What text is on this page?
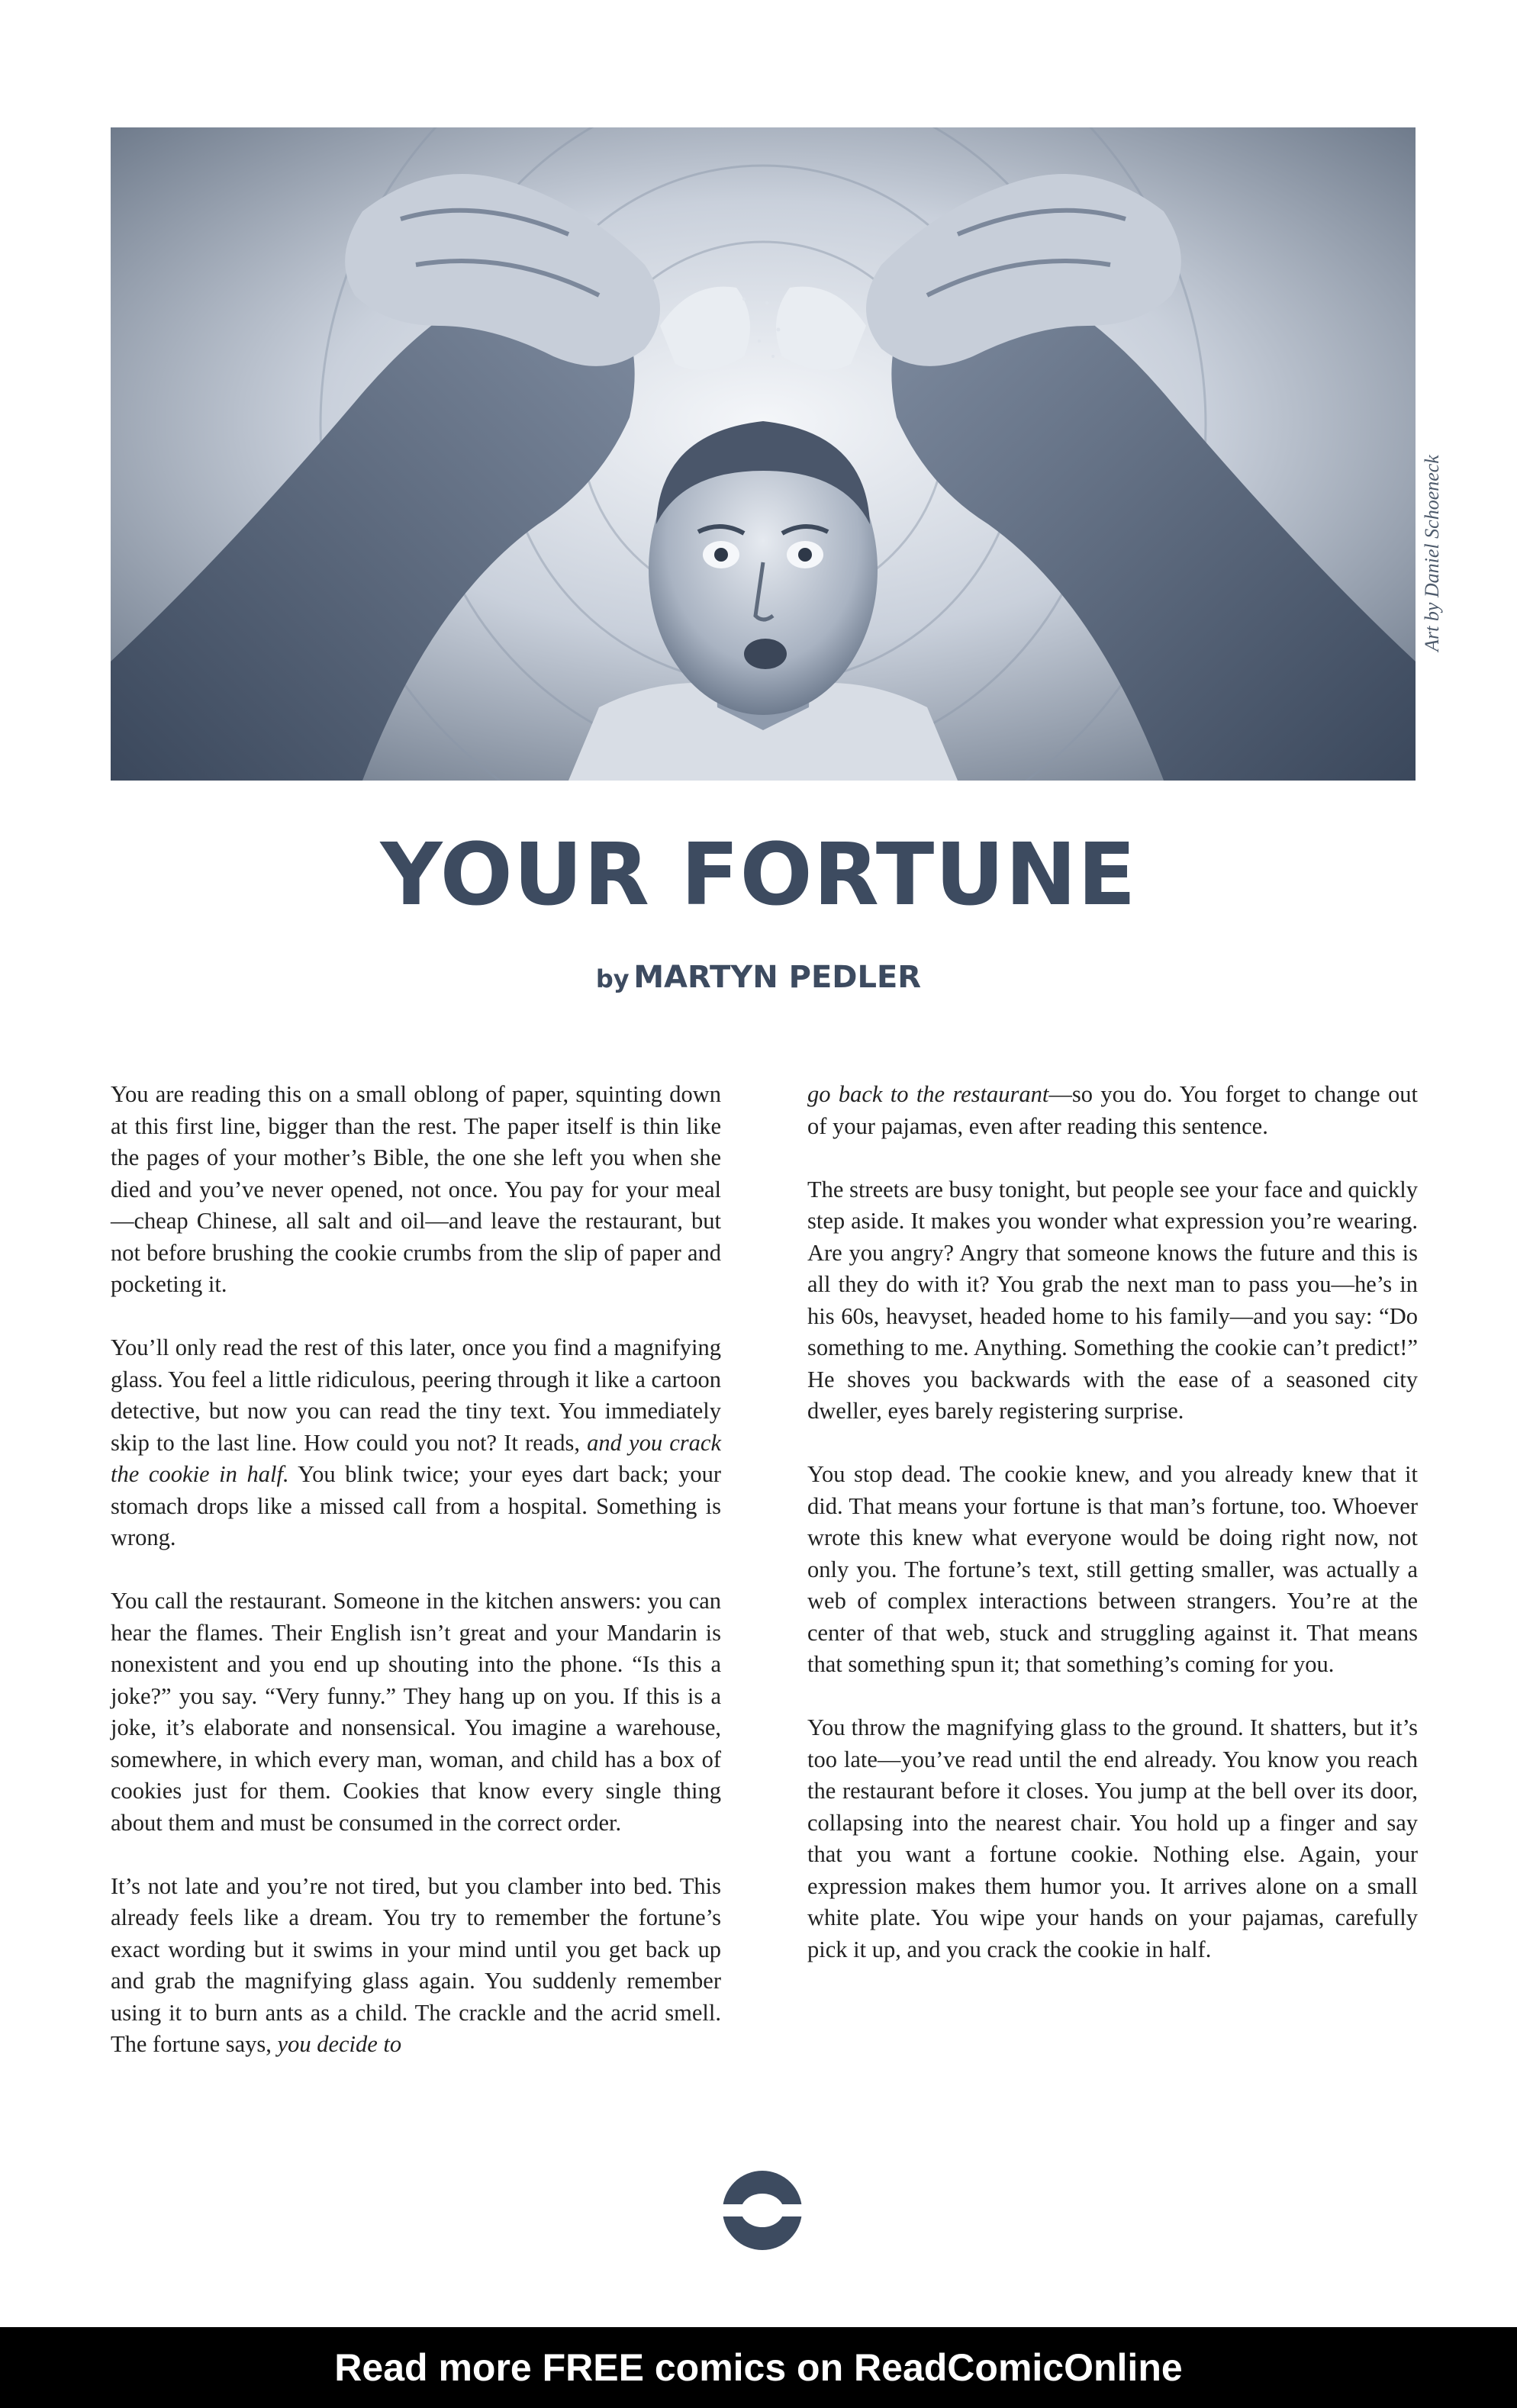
Art by Daniel Schoeneck
YOUR FORTUNE
by MARTYN PEDLER

You are reading this on a small oblong of paper, squinting down at this first line, bigger than the rest. The paper itself is thin like the pages of your mother’s Bible, the one she left you when she died and you’ve never opened, not once. You pay for your meal—cheap Chinese, all salt and oil—and leave the restaurant, but not before brushing the cookie crumbs from the slip of paper and pocketing it.

You’ll only read the rest of this later, once you find a magnifying glass. You feel a little ridiculous, peering through it like a cartoon detective, but now you can read the tiny text. You immediately skip to the last line. How could you not? It reads, and you crack the cookie in half. You blink twice; your eyes dart back; your stomach drops like a missed call from a hospital. Something is wrong.

You call the restaurant. Someone in the kitchen answers: you can hear the flames. Their English isn’t great and your Mandarin is nonexistent and you end up shouting into the phone. “Is this a joke?” you say. “Very funny.” They hang up on you. If this is a joke, it’s elaborate and nonsensical. You imagine a warehouse, somewhere, in which every man, woman, and child has a box of cookies just for them. Cookies that know every single thing about them and must be consumed in the correct order.

It’s not late and you’re not tired, but you clamber into bed. This already feels like a dream. You try to remember the fortune’s exact wording but it swims in your mind until you get back up and grab the magnifying glass again. You suddenly remember using it to burn ants as a child. The crackle and the acrid smell. The fortune says, you decide to

go back to the restaurant—so you do. You forget to change out of your pajamas, even after reading this sentence.

The streets are busy tonight, but people see your face and quickly step aside. It makes you wonder what expression you’re wearing. Are you angry? Angry that someone knows the future and this is all they do with it? You grab the next man to pass you—he’s in his 60s, heavyset, headed home to his family—and you say: “Do something to me. Anything. Something the cookie can’t predict!” He shoves you backwards with the ease of a seasoned city dweller, eyes barely registering surprise.

You stop dead. The cookie knew, and you already knew that it did. That means your fortune is that man’s fortune, too. Whoever wrote this knew what everyone would be doing right now, not only you. The fortune’s text, still getting smaller, was actually a web of complex interactions between strangers. You’re at the center of that web, stuck and struggling against it. That means that something spun it; that something’s coming for you.

You throw the magnifying glass to the ground. It shatters, but it’s too late—you’ve read until the end already. You know you reach the restaurant before it closes. You jump at the bell over its door, collapsing into the nearest chair. You hold up a finger and say that you want a fortune cookie. Nothing else. Again, your expression makes them humor you. It arrives alone on a small white plate. You wipe your hands on your pajamas, carefully pick it up, and you crack the cookie in half.

Read more FREE comics on ReadComicOnline
